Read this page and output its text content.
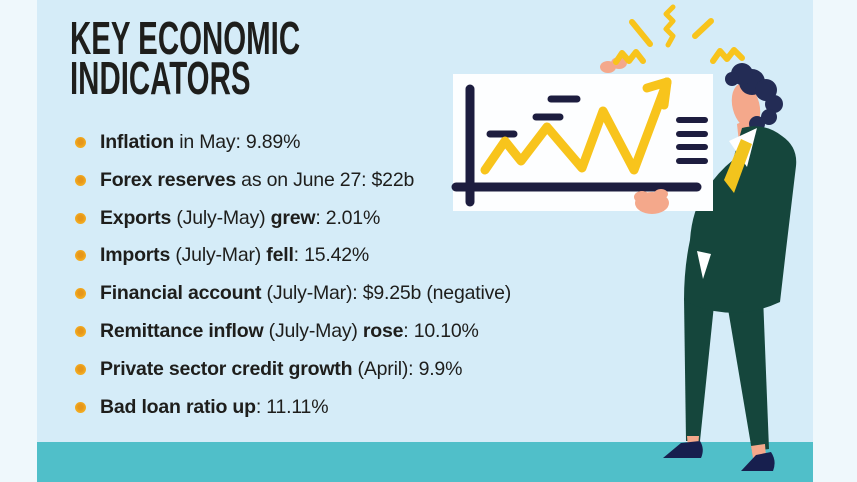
KEY ECONOMIC
INDICATORS
Inflation in May: 9.89%
Forex reserves as on June 27: $22b
Exports (July-May) grew : 2.01%
Imports (July-Mar) fell : 15.42%
Financial account (July-Mar): $9.25b (negative)
Remittance inflow (July-May) rose : 10.10%
Private sector credit growth (April): 9.9%
Bad loan ratio up : 11.11%
